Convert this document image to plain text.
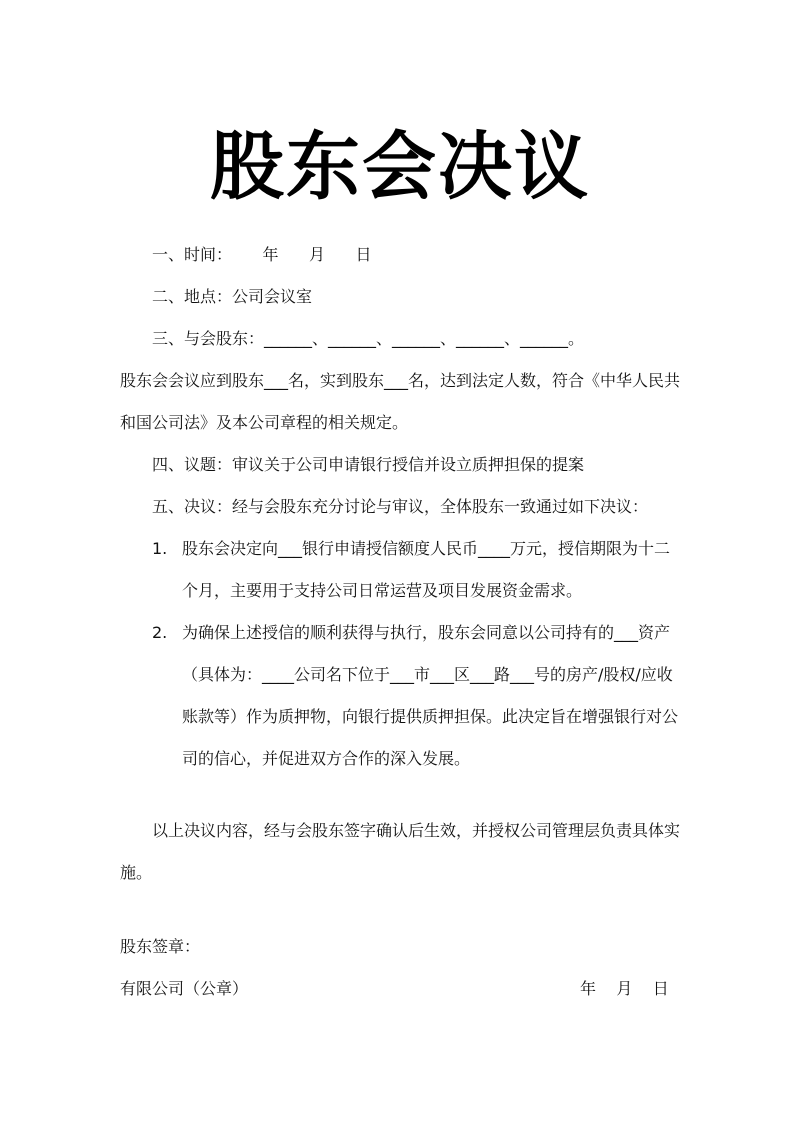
股东会决议
一、时间：      年      月      日
二、地点：公司会议室
三、与会股东：______、______、______、______、______。
股东会会议应到股东___名，实到股东___名，达到法定人数，符合《中华人民共
和国公司法》及本公司章程的相关规定。
四、议题：审议关于公司申请银行授信并设立质押担保的提案
五、决议：经与会股东充分讨论与审议，全体股东一致通过如下决议：
1. 股东会决定向___银行申请授信额度人民币____万元，授信期限为十二
个月，主要用于支持公司日常运营及项目发展资金需求。
2. 为确保上述授信的顺利获得与执行，股东会同意以公司持有的___资产
（具体为：____公司名下位于___市___区___路___号的房产/股权/应收
账款等）作为质押物，向银行提供质押担保。此决定旨在增强银行对公
司的信心，并促进双方合作的深入发展。
以上决议内容，经与会股东签字确认后生效，并授权公司管理层负责具体实
施。
股东签章：
有限公司（公章）	年    月    日
